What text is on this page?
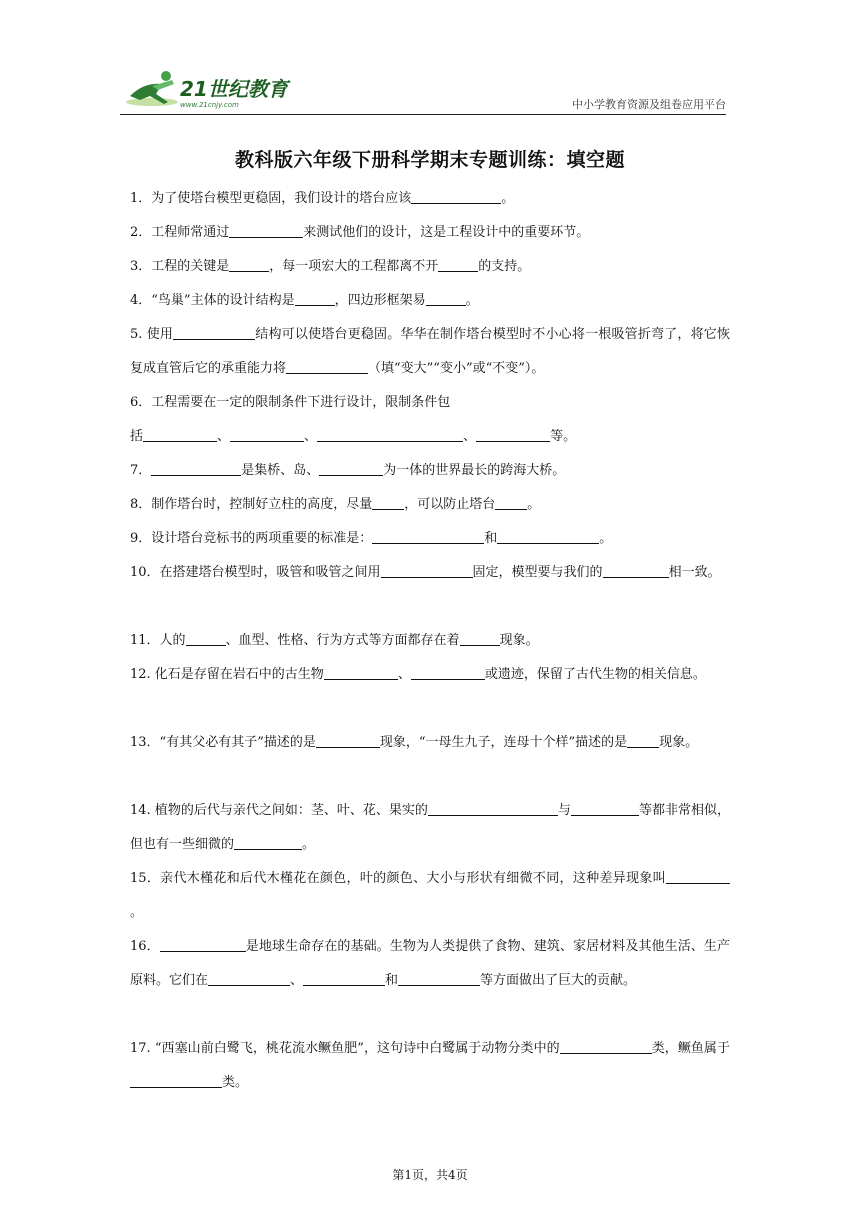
21世纪教育
www.21cnjy.com	中小学教育资源及组卷应用平台
教科版六年级下册科学期末专题训练：填空题
1．为了使塔台模型更稳固，我们设计的塔台应该	。
2．工程师常通过	来测试他们的设计，这是工程设计中的重要环节。
3．工程的关键是	，每一项宏大的工程都离不开	的支持。
4．“鸟巢”主体的设计结构是	，四边形框架易	。
5. 使用	结构可以使塔台更稳固。华华在制作塔台模型时不小心将一根吸管折弯了，将它恢复成直管后它的承重能力将	（填“变大”“变小”或“不变”）。
6．工程需要在一定的限制条件下进行设计，限制条件包
括	、	、	、	等。
7．	是集桥、岛、	为一体的世界最长的跨海大桥。
8．制作塔台时，控制好立柱的高度，尽量 ，可以防止塔台 。
9．设计塔台竞标书的两项重要的标准是：	和	。
10．在搭建塔台模型时，吸管和吸管之间用	固定，模型要与我们的	相一致。
11．人的	、血型、性格、行为方式等方面都存在着	现象。
12. 化石是存留在岩石中的古生物	、	或遗迹，保留了古代生物的相关信息。
13．“有其父必有其子”描述的是	现象，“一母生九子，连母十个样”描述的是 现象。
14. 植物的后代与亲代之间如：茎、叶、花、果实的	与	等都非常相似，但也有一些细微的	。
15．亲代木槿花和后代木槿花在颜色，叶的颜色、大小与形状有细微不同，这种差异现象叫。
16．	是地球生命存在的基础。生物为人类提供了食物、建筑、家居材料及其他生活、生产原料。它们在	、	和	等方面做出了巨大的贡献。
17. “西塞山前白鹭飞，桃花流水鳜鱼肥”，这句诗中白鹭属于动物分类中的	类，鳜鱼属于类。
第1页，共4页
